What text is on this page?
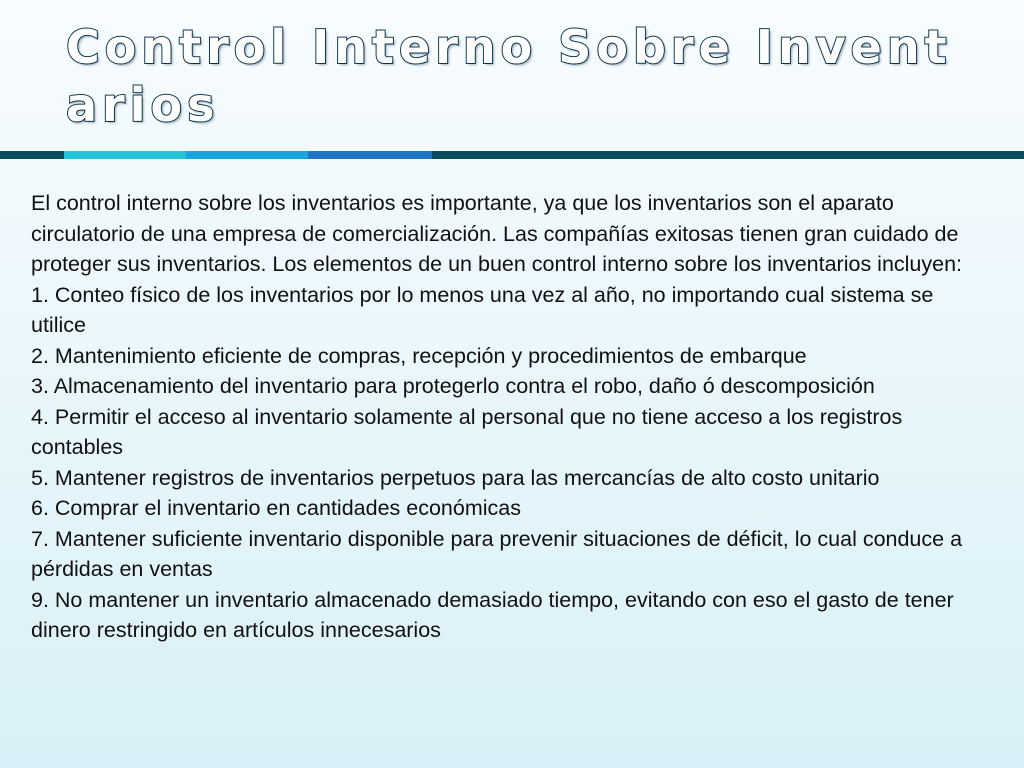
Control Interno Sobre Invent
arios

El control interno sobre los inventarios es importante, ya que los inventarios son el aparato circulatorio de una empresa de comercialización. Las compañías exitosas tienen gran cuidado de proteger sus inventarios. Los elementos de un buen control interno sobre los inventarios incluyen:

1. Conteo físico de los inventarios por lo menos una vez al año, no importando cual sistema se utilice

2. Mantenimiento eficiente de compras, recepción y procedimientos de embarque

3. Almacenamiento del inventario para protegerlo contra el robo, daño ó descomposición

4. Permitir el acceso al inventario solamente al personal que no tiene acceso a los registros contables

5. Mantener registros de inventarios perpetuos para las mercancías de alto costo unitario

6. Comprar el inventario en cantidades económicas

7. Mantener suficiente inventario disponible para prevenir situaciones de déficit, lo cual conduce a pérdidas en ventas

9. No mantener un inventario almacenado demasiado tiempo, evitando con eso el gasto de tener dinero restringido en artículos innecesarios
